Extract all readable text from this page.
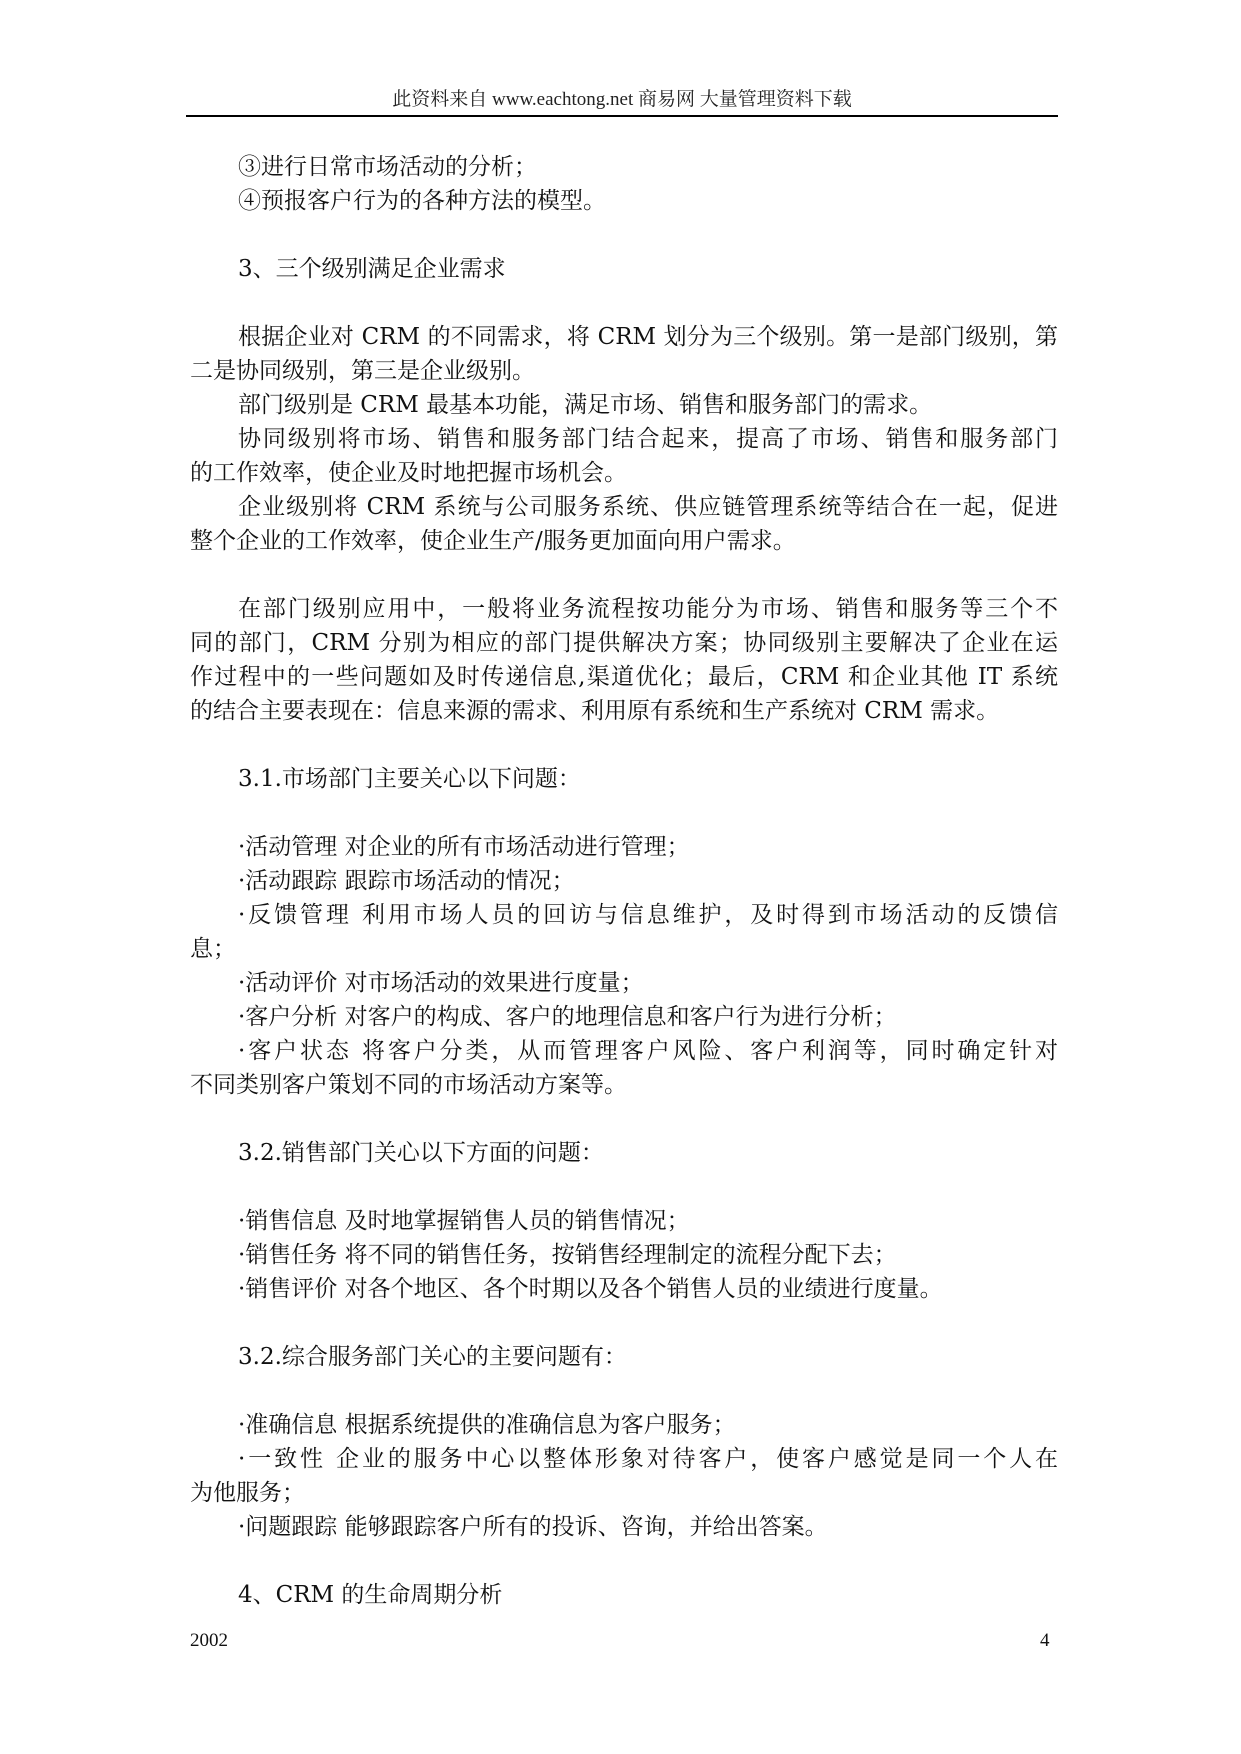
此资料来自 www.eachtong.net 商易网 大量管理资料下载
③进行日常市场活动的分析；
④预报客户行为的各种方法的模型。
3、三个级别满足企业需求
根据企业对 CRM 的不同需求，将 CRM 划分为三个级别。第一是部门级别，第
二是协同级别，第三是企业级别。
部门级别是 CRM 最基本功能，满足市场、销售和服务部门的需求。
协同级别将市场、销售和服务部门结合起来，提高了市场、销售和服务部门
的工作效率，使企业及时地把握市场机会。
企业级别将 CRM 系统与公司服务系统、供应链管理系统等结合在一起，促进
整个企业的工作效率，使企业生产/服务更加面向用户需求。
在部门级别应用中，一般将业务流程按功能分为市场、销售和服务等三个不
同的部门，CRM 分别为相应的部门提供解决方案；协同级别主要解决了企业在运
作过程中的一些问题如及时传递信息,渠道优化；最后，CRM 和企业其他 IT 系统
的结合主要表现在：信息来源的需求、利用原有系统和生产系统对 CRM 需求。
3.1.市场部门主要关心以下问题：
·活动管理 对企业的所有市场活动进行管理；
·活动跟踪 跟踪市场活动的情况；
·反馈管理 利用市场人员的回访与信息维护，及时得到市场活动的反馈信
息；
·活动评价 对市场活动的效果进行度量；
·客户分析 对客户的构成、客户的地理信息和客户行为进行分析；
·客户状态 将客户分类，从而管理客户风险、客户利润等，同时确定针对
不同类别客户策划不同的市场活动方案等。
3.2.销售部门关心以下方面的问题：
·销售信息 及时地掌握销售人员的销售情况；
·销售任务 将不同的销售任务，按销售经理制定的流程分配下去；
·销售评价 对各个地区、各个时期以及各个销售人员的业绩进行度量。
3.2.综合服务部门关心的主要问题有：
·准确信息 根据系统提供的准确信息为客户服务；
·一致性 企业的服务中心以整体形象对待客户，使客户感觉是同一个人在
为他服务；
·问题跟踪 能够跟踪客户所有的投诉、咨询，并给出答案。
4、CRM 的生命周期分析
2002	4
